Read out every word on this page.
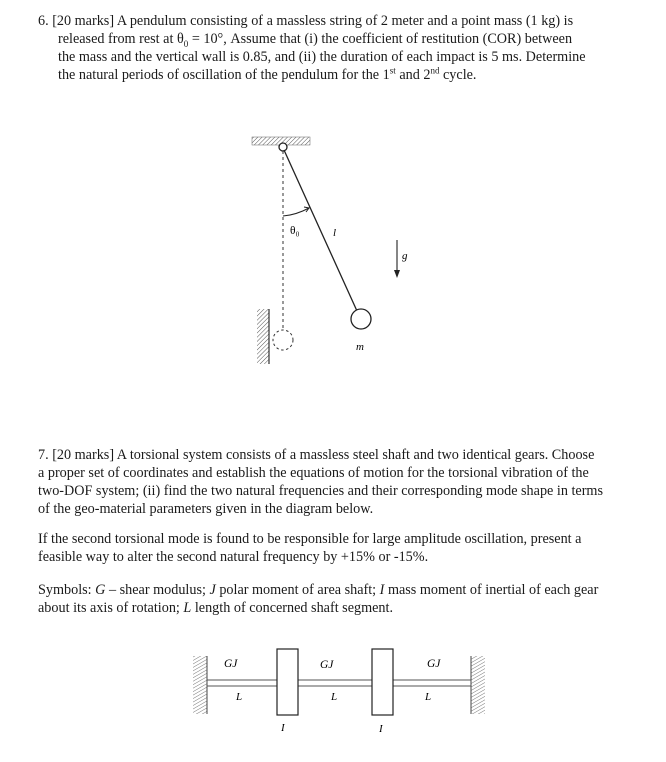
6. [20 marks] A pendulum consisting of a massless string of 2 meter and a point mass (1 kg) is
released from rest at $\theta_0 = 10^\circ$, Assume that (i) the coefficient of restitution (COR) between
the mass and the vertical wall is 0.85, and (ii) the duration of each impact is 5 ms. Determine
the natural periods of oscillation of the pendulum for the 1st and 2nd cycle.
θ₀	l
g
m
7. [20 marks] A torsional system consists of a massless steel shaft and two identical gears. Choose
a proper set of coordinates and establish the equations of motion for the torsional vibration of the
two-DOF system; (ii) find the two natural frequencies and their corresponding mode shape in terms
of the geo-material parameters given in the diagram below.
If the second torsional mode is found to be responsible for large amplitude oscillation, present a
feasible way to alter the second natural frequency by +15% or -15%.
Symbols: G – shear modulus; J polar moment of area shaft; I mass moment of inertial of each gear
about its axis of rotation; L length of concerned shaft segment.
GJ	GJ	GJ
L	L	L
I	I
